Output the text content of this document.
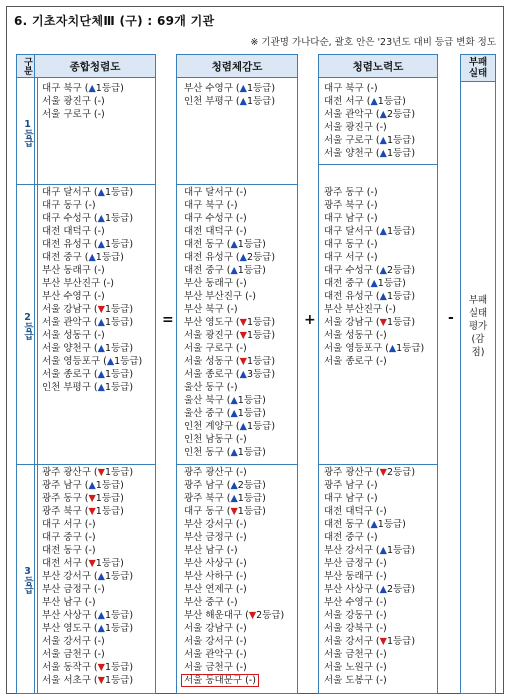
6. 기초자치단체Ⅲ (구) : 69개 기관
※ 기관명 가나다순, 괄호 안은 '23년도 대비 등급 변화 정도
구분
1등급
2등급
3등급
종합청렴도
대구 북구 (▲1등급)
서울 광진구 (-)
서울 구로구 (-)
대구 달서구 (▲1등급)
대구 동구 (-)
대구 수성구 (▲1등급)
대전 대덕구 (-)
대전 유성구 (▲1등급)
대전 중구 (▲1등급)
부산 동래구 (-)
부산 부산진구 (-)
부산 수영구 (-)
서울 강남구 (▼1등급)
서울 관악구 (▲1등급)
서울 성동구 (-)
서울 양천구 (▲1등급)
서울 영등포구 (▲1등급)
서울 종로구 (▲1등급)
인천 부평구 (▲1등급)
광주 광산구 (▼1등급)
광주 남구 (▲1등급)
광주 동구 (▼1등급)
광주 북구 (▼1등급)
대구 서구 (-)
대구 중구 (-)
대전 동구 (-)
대전 서구 (▼1등급)
부산 강서구 (▲1등급)
부산 금정구 (-)
부산 남구 (-)
부산 사상구 (▲1등급)
부산 영도구 (▲1등급)
서울 강서구 (-)
서울 금천구 (-)
서울 동작구 (▼1등급)
서울 서초구 (▼1등급)
=
청렴체감도
부산 수영구 (▲1등급)
인천 부평구 (▲1등급)
대구 달서구 (-)
대구 북구 (-)
대구 수성구 (-)
대전 대덕구 (-)
대전 동구 (▲1등급)
대전 유성구 (▲2등급)
대전 중구 (▲1등급)
부산 동래구 (-)
부산 부산진구 (-)
부산 북구 (-)
부산 영도구 (▼1등급)
서울 광진구 (▼1등급)
서울 구로구 (-)
서울 성동구 (▼1등급)
서울 종로구 (▲3등급)
울산 동구 (-)
울산 북구 (▲1등급)
울산 중구 (▲1등급)
인천 계양구 (▲1등급)
인천 남동구 (-)
인천 동구 (▲1등급)
광주 광산구 (-)
광주 남구 (▲2등급)
광주 북구 (▲1등급)
대구 동구 (▼1등급)
부산 강서구 (-)
부산 금정구 (-)
부산 남구 (-)
부산 사상구 (-)
부산 사하구 (-)
부산 연제구 (-)
부산 중구 (-)
부산 해운대구 (▼2등급)
서울 강남구 (-)
서울 강서구 (-)
서울 관악구 (-)
서울 금천구 (-)
서울 동대문구 (-)
+
청렴노력도
대구 북구 (-)
대전 서구 (▲1등급)
서울 관악구 (▲2등급)
서울 광진구 (-)
서울 구로구 (▲1등급)
서울 양천구 (▲1등급)
광주 동구 (-)
광주 북구 (-)
대구 남구 (-)
대구 달서구 (▲1등급)
대구 동구 (-)
대구 서구 (-)
대구 수성구 (▲2등급)
대전 중구 (▲1등급)
대전 유성구 (▲1등급)
부산 부산진구 (-)
서울 강남구 (▼1등급)
서울 성동구 (-)
서울 영등포구 (▲1등급)
서울 종로구 (-)
광주 광산구 (▼2등급)
광주 남구 (-)
대구 남구 (-)
대전 대덕구 (-)
대전 동구 (▲1등급)
대전 중구 (-)
부산 강서구 (▲1등급)
부산 금정구 (-)
부산 동래구 (-)
부산 사상구 (▲2등급)
부산 수영구 (-)
서울 강동구 (-)
서울 강북구 (-)
서울 강서구 (▼1등급)
서울 금천구 (-)
서울 노원구 (-)
서울 도봉구 (-)
-
부패실태
부패실태평가(감점)
